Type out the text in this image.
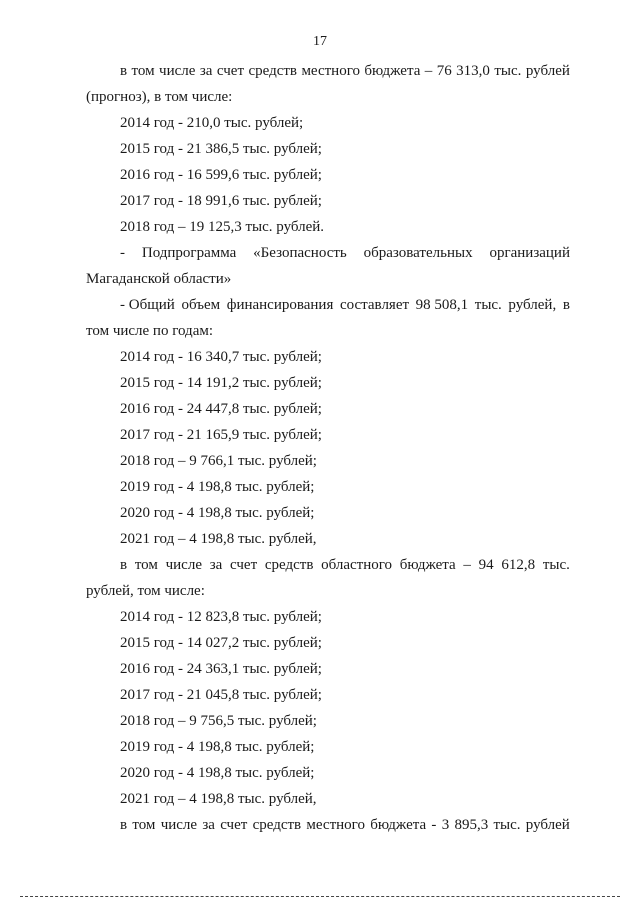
17
в том числе за счет средств местного бюджета – 76 313,0 тыс. рублей
(прогноз), в том числе:
2014 год - 210,0 тыс. рублей;
2015 год - 21 386,5 тыс. рублей;
2016 год - 16 599,6 тыс. рублей;
2017 год - 18 991,6 тыс. рублей;
2018 год – 19 125,3 тыс. рублей.
- Подпрограмма «Безопасность образовательных организаций
Магаданской области»
- Общий объем финансирования составляет 98 508,1 тыс. рублей, в
том числе по годам:
2014 год - 16 340,7 тыс. рублей;
2015 год - 14 191,2 тыс. рублей;
2016 год - 24 447,8 тыс. рублей;
2017 год - 21 165,9 тыс. рублей;
2018 год – 9 766,1 тыс. рублей;
2019 год - 4 198,8 тыс. рублей;
2020 год - 4 198,8 тыс. рублей;
2021 год – 4 198,8 тыс. рублей,
в том числе за счет средств областного бюджета – 94 612,8 тыс.
рублей, том числе:
2014 год - 12 823,8 тыс. рублей;
2015 год - 14 027,2 тыс. рублей;
2016 год - 24 363,1 тыс. рублей;
2017 год - 21 045,8 тыс. рублей;
2018 год – 9 756,5 тыс. рублей;
2019 год - 4 198,8 тыс. рублей;
2020 год - 4 198,8 тыс. рублей;
2021 год – 4 198,8 тыс. рублей,
в том числе за счет средств местного бюджета - 3 895,3 тыс. рублей
